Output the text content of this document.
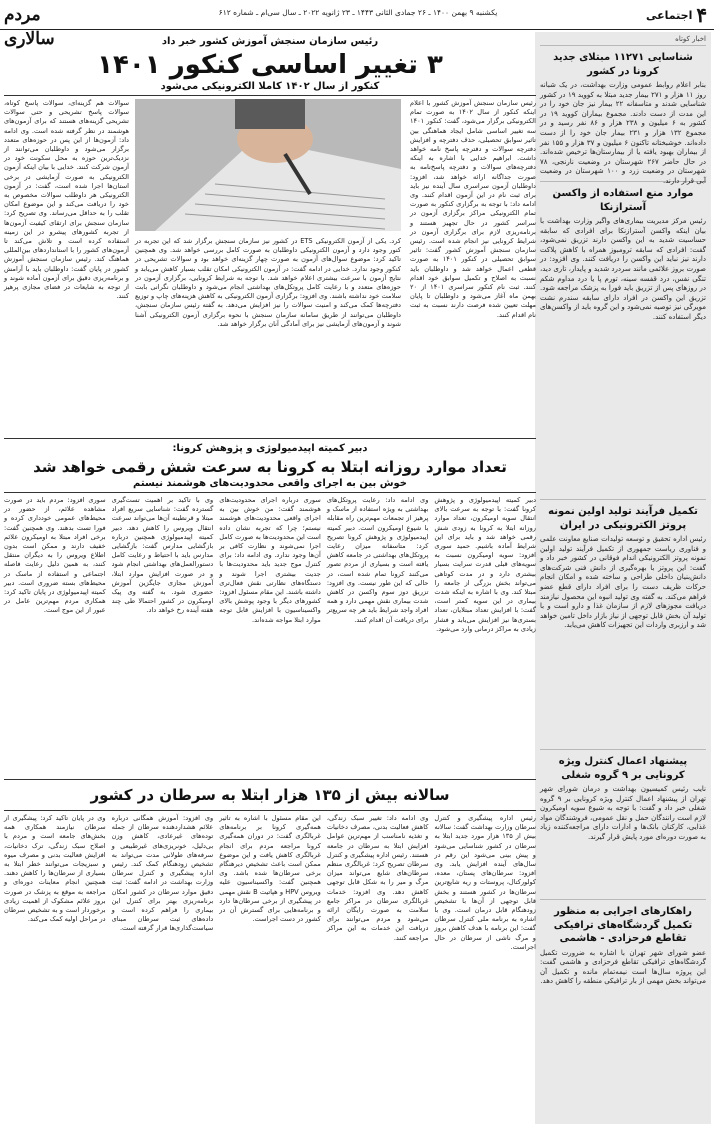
۴
اجتماعی
یکشنبه ۹ بهمن ۱۴۰۰ ـ ۲۶ جمادی الثانی ۱۴۴۳ ـ ۲۳ ژانویه ۲۰۲۲ ـ سال سی‌ام ـ شماره ۶۱۲
مردم سالاری	اخبار کوتاه
شناسایی ۱۱۲۷۱ مبتلای جدید کرونا در کشور
بنابر اعلام روابط عمومی وزارت بهداشت، در یک شبانه روز ۱۱ هزار و ۲۷۱ بیمار جدید مبتلا به کووید ۱۹ در کشور شناسایی شدند و متاسفانه ۲۲ بیمار نیز جان خود را در این مدت از دست دادند. مجموع بیماران کووید ۱۹ در کشور به ۶ میلیون و ۲۳۸ هزار و ۸۶ نفر رسید و در مجموع ۱۳۲ هزار و ۲۳۱ بیمار جان خود را از دست داده‌اند. خوشبختانه تاکنون ۶ میلیون و ۳۷ هزار و ۱۵۵ نفر از بیماران بهبود یافته یا از بیمارستان‌ها ترخیص شده‌اند. در حال حاضر ۲۶۷ شهرستان در وضعیت نارنجی، ۷۸ شهرستان در وضعیت زرد و ۱۰۰ شهرستان در وضعیت آبی قرار دارند.
موارد منع استفاده از واکسن آسترازنکا
رئیس مرکز مدیریت بیماری‌های واگیر وزارت بهداشت با بیان اینکه واکسن آسترازنکا برای افرادی که سابقه حساسیت شدید به این واکسن دارند تزریق نمی‌شود، گفت: افرادی که سابقه ترومبوز همراه با کاهش پلاکت دارند نیز نباید این واکسن را دریافت کنند. وی افزود: در صورت بروز علائمی مانند سردرد شدید و پایدار، تاری دید، تنگی نفس، درد قفسه سینه، تورم پا یا درد مداوم شکم در روزهای پس از تزریق باید فورا به پزشک مراجعه شود. تزریق این واکسن در افراد دارای سابقه سندرم نشت مویرگی نیز توصیه نمی‌شود و این گروه باید از واکسن‌های دیگر استفاده کنند.
تکمیل فرآیند تولید اولین نمونه پروتز الکترونیکی در ایران
رئیس اداره تحقیق و توسعه تولیدات صنایع معاونت علمی و فناوری ریاست جمهوری از تکمیل فرآیند تولید اولین نمونه پروتز الکترونیکی اندام فوقانی در کشور خبر داد و گفت: این پروتز با بهره‌گیری از دانش فنی شرکت‌های دانش‌بنیان داخلی طراحی و ساخته شده و امکان انجام حرکات ظریف دست را برای افراد دارای قطع عضو فراهم می‌کند. به گفته وی تولید انبوه این محصول نیازمند دریافت مجوزهای لازم از سازمان غذا و دارو است و با تولید آن بخش قابل توجهی از نیاز بازار داخل تامین خواهد شد و ارزبری واردات این تجهیزات کاهش می‌یابد.
پیشنهاد اعمال کنترل ویژه کرونایی بر ۹ گروه شغلی
نایب رئیس کمیسیون بهداشت و درمان شورای شهر تهران از پیشنهاد اعمال کنترل ویژه کرونایی بر ۹ گروه شغلی خبر داد و گفت: با توجه به شیوع سویه اومیکرون لازم است رانندگان حمل و نقل عمومی، فروشندگان مواد غذایی، کارکنان بانک‌ها و ادارات دارای مراجعه‌کننده زیاد به صورت دوره‌ای مورد پایش قرار گیرند.
راهکارهای اجرایی به منظور تکمیل گردشگاه‌های ترافیکی تقاطع فرحزادی - هاشمی
عضو شورای شهر تهران با اشاره به ضرورت تکمیل گردشگاه‌های ترافیکی تقاطع فرحزادی و هاشمی گفت: این پروژه سال‌ها است نیمه‌تمام مانده و تکمیل آن می‌تواند بخش مهمی از بار ترافیکی منطقه را کاهش دهد.
رئیس سازمان سنجش آموزش کشور خبر داد
۳ تغییر اساسی کنکور ۱۴۰۱
کنکور از سال ۱۴۰۲ کاملا الکترونیکی می‌شود
رئیس سازمان سنجش آموزش کشور با اعلام اینکه کنکور از سال ۱۴۰۲ به صورت تمام الکترونیکی برگزار می‌شود، گفت: کنکور ۱۴۰۱ سه تغییر اساسی شامل ایجاد هماهنگی بین تاثیر سوابق تحصیلی، حذف دفترچه و افزایش دفترچه سوالات و دفترچه پاسخ نامه خواهد داشت. ابراهیم خدایی با اشاره به اینکه دفترچه‌های سوالات و دفترچه پاسخ‌نامه به صورت جداگانه ارائه خواهد شد، افزود: داوطلبان آزمون سراسری سال آینده نیز باید برای ثبت نام در این آزمون اقدام کنند. وی ادامه داد: با توجه به برگزاری کنکور به صورت تمام الکترونیکی مراکز برگزاری آزمون در سراسر کشور در حال تجهیز هستند و برنامه‌ریزی لازم برای برگزاری آزمون در شرایط کرونایی نیز انجام شده است. رئیس سازمان سنجش آموزش کشور گفت: تاثیر سوابق تحصیلی در کنکور ۱۴۰۱ به صورت قطعی اعمال خواهد شد و داوطلبان باید نسبت به اصلاح و تکمیل سوابق خود اقدام کنند. ثبت نام کنکور سراسری ۱۴۰۱ از ۲۰ بهمن ماه آغاز می‌شود و داوطلبان تا پایان مهلت تعیین شده فرصت دارند نسبت به ثبت نام اقدام کنند.
کرد. یکی از آزمون الکترونیکی ETS در کشور نیز سازمان سنجش برگزار شد که این تجربه در کنور وجود دارد و آزمون الکترونیکی داوطلبان به صورت کامل بررسی خواهد شد. وی همچنین تاکید کرد: موضوع سوال‌های آزمون به صورت چهار گزینه‌ای خواهد بود و سوالات تشریحی در کنکور وجود ندارد. خدایی در ادامه گفت: در آزمون الکترونیکی امکان تقلب بسیار کاهش می‌یابد و نتایج آزمون با سرعت بیشتری اعلام خواهد شد. با توجه به شرایط کرونایی، برگزاری آزمون در حوزه‌های متعدد و با رعایت کامل پروتکل‌های بهداشتی انجام می‌شود و داوطلبان نگرانی بابت سلامت خود نداشته باشند. وی افزود: برگزاری آزمون الکترونیکی به کاهش هزینه‌های چاپ و توزیع دفترچه‌ها کمک می‌کند و امنیت سوالات را نیز افزایش می‌دهد. به گفته رئیس سازمان سنجش، داوطلبان می‌توانند از طریق سامانه سازمان سنجش با نحوه برگزاری آزمون الکترونیکی آشنا شوند و آزمون‌های آزمایشی نیز برای آمادگی آنان برگزار خواهد شد.
سوالات هم گزینه‌ای، سوالات پاسخ کوتاه، سوالات پاسخ تشریحی و حتی سوالات تشریحی گزینه‌های هستند که برای آزمون‌های هوشمند در نظر گرفته شده است. وی ادامه داد: آزمون‌ها از این پس در حوزه‌های متعدد برگزار می‌شود و داوطلبان می‌توانند از نزدیک‌ترین حوزه به محل سکونت خود در آزمون شرکت کنند. خدایی با بیان اینکه آزمون الکترونیکی به صورت آزمایشی در برخی استان‌ها اجرا شده است، گفت: در آزمون الکترونیکی هر داوطلب سوالات مخصوص به خود را دریافت می‌کند و این موضوع امکان تقلب را به حداقل می‌رساند. وی تصریح کرد: سازمان سنجش برای ارتقای کیفیت آزمون‌ها از تجربه کشورهای پیشرو در این زمینه استفاده کرده است و تلاش می‌کند تا آزمون‌های کشور را با استانداردهای بین‌المللی هماهنگ کند. رئیس سازمان سنجش آموزش کشور در پایان گفت: داوطلبان باید با آرامش و برنامه‌ریزی دقیق برای آزمون آماده شوند و از توجه به شایعات در فضای مجازی پرهیز کنند.
دبیر کمیته اپیدمیولوژی و پژوهش کرونا:
تعداد موارد روزانه ابتلا به کرونا به سرعت شش رقمی خواهد شد
خوش بین به اجرای واقعی محدودیت‌های هوشمند نیستم
دبیر کمیته اپیدمیولوژی و پژوهش کرونا گفت: با توجه به سرعت بالای انتقال سویه اومیکرون، تعداد موارد روزانه ابتلا به کرونا به زودی شش رقمی خواهد شد و باید برای این شرایط آماده باشیم. حمید سوری افزود: سویه اومیکرون نسبت به سویه‌های قبلی قدرت سرایت بسیار بیشتری دارد و در مدت کوتاهی می‌تواند بخش بزرگی از جامعه را مبتلا کند. وی با اشاره به اینکه شدت بیماری در این سویه کمتر است، گفت: با افزایش تعداد مبتلایان، تعداد بستری‌ها نیز افزایش می‌یابد و فشار زیادی به مراکز درمانی وارد می‌شود.
وی ادامه داد: رعایت پروتکل‌های بهداشتی به ویژه استفاده از ماسک و پرهیز از تجمعات مهم‌ترین راه مقابله با شیوع اومیکرون است. دبیر کمیته اپیدمیولوژی و پژوهش کرونا تصریح کرد: متاسفانه میزان رعایت پروتکل‌های بهداشتی در جامعه کاهش یافته است و بسیاری از مردم تصور می‌کنند کرونا تمام شده است، در حالی که این طور نیست. وی افزود: تزریق دوز سوم واکسن در کاهش شدت بیماری نقش مهمی دارد و همه افراد واجد شرایط باید هر چه سریع‌تر برای دریافت آن اقدام کنند.
سوری درباره اجرای محدودیت‌های هوشمند گفت: من خوش بین به اجرای واقعی محدودیت‌های هوشمند نیستم؛ چرا که تجربه نشان داده است این محدودیت‌ها به صورت کامل اجرا نمی‌شوند و نظارت کافی بر آن‌ها وجود ندارد. وی ادامه داد: برای کنترل موج جدید باید محدودیت‌ها با جدیت بیشتری اجرا شوند و دستگاه‌های نظارتی نقش فعال‌تری داشته باشند. این مقام مسئول افزود: کشورهای دیگر با وجود پوشش بالای واکسیناسیون با افزایش قابل توجه موارد ابتلا مواجه شده‌اند.
وی با تاکید بر اهمیت تست‌گیری گسترده گفت: شناسایی سریع افراد مبتلا و قرنطینه آن‌ها می‌تواند سرعت انتقال ویروس را کاهش دهد. دبیر کمیته اپیدمیولوژی همچنین درباره بازگشایی مدارس گفت: بازگشایی مدارس باید با احتیاط و رعایت کامل دستورالعمل‌های بهداشتی انجام شود و در صورت افزایش موارد ابتلا، آموزش مجازی جایگزین آموزش حضوری شود. به گفته وی پیک اومیکرون در کشور احتمالا طی چند هفته آینده رخ خواهد داد.
سوری افزود: مردم باید در صورت مشاهده علائم، از حضور در محیط‌های عمومی خودداری کرده و فورا تست بدهند. وی همچنین گفت: برخی افراد مبتلا به اومیکرون علائم خفیف دارند و ممکن است بدون اطلاع ویروس را به دیگران منتقل کنند، به همین دلیل رعایت فاصله اجتماعی و استفاده از ماسک در محیط‌های بسته ضروری است. دبیر کمیته اپیدمیولوژی در پایان تاکید کرد: همکاری مردم مهم‌ترین عامل در عبور از این موج است.
سالانه بیش از ۱۳۵ هزار ابتلا به سرطان در کشور
رئیس اداره پیشگیری و کنترل سرطان وزارت بهداشت گفت: سالانه بیش از ۱۳۵ هزار مورد جدید ابتلا به سرطان در کشور شناسایی می‌شود و پیش بینی می‌شود این رقم در سال‌های آینده افزایش یابد. وی افزود: سرطان‌های پستان، معده، کولورکتال، پروستات و ریه شایع‌ترین سرطان‌ها در کشور هستند و بخش قابل توجهی از آن‌ها با تشخیص زودهنگام قابل درمان است. وی با اشاره به برنامه ملی کنترل سرطان گفت: این برنامه با هدف کاهش بروز و مرگ ناشی از سرطان در حال اجراست.
وی ادامه داد: تغییر سبک زندگی، کاهش فعالیت بدنی، مصرف دخانیات و تغذیه نامناسب از مهم‌ترین عوامل افزایش ابتلا به سرطان در جامعه هستند. رئیس اداره پیشگیری و کنترل سرطان تصریح کرد: غربالگری منظم سرطان‌های شایع می‌تواند میزان مرگ و میر را به شکل قابل توجهی کاهش دهد. وی افزود: خدمات غربالگری سرطان در مراکز جامع سلامت به صورت رایگان ارائه می‌شود و مردم می‌توانند برای دریافت این خدمات به این مراکز مراجعه کنند.
این مقام مسئول با اشاره به تاثیر همه‌گیری کرونا بر برنامه‌های غربالگری گفت: در دوران همه‌گیری کرونا مراجعه مردم برای انجام غربالگری کاهش یافت و این موضوع ممکن است باعث تشخیص دیرهنگام برخی سرطان‌ها شده باشد. وی همچنین گفت: واکسیناسیون علیه ویروس HPV و هپاتیت B نقش مهمی در پیشگیری از برخی سرطان‌ها دارد و برنامه‌هایی برای گسترش آن در کشور در دست اجراست.
وی افزود: آموزش همگانی درباره علائم هشداردهنده سرطان از جمله توده‌های غیرعادی، کاهش وزن بی‌دلیل، خونریزی‌های غیرطبیعی و سرفه‌های طولانی مدت می‌تواند به تشخیص زودهنگام کمک کند. رئیس اداره پیشگیری و کنترل سرطان وزارت بهداشت در ادامه گفت: ثبت دقیق موارد سرطان در کشور امکان برنامه‌ریزی بهتر برای کنترل این بیماری را فراهم کرده است و داده‌های ثبت سرطان مبنای سیاست‌گذاری‌ها قرار گرفته است.
وی در پایان تاکید کرد: پیشگیری از سرطان نیازمند همکاری همه بخش‌های جامعه است و مردم با اصلاح سبک زندگی، ترک دخانیات، افزایش فعالیت بدنی و مصرف میوه و سبزیجات می‌توانند خطر ابتلا به بسیاری از سرطان‌ها را کاهش دهند. همچنین انجام معاینات دوره‌ای و مراجعه به موقع به پزشک در صورت بروز علائم مشکوک از اهمیت زیادی برخوردار است و به تشخیص سرطان در مراحل اولیه کمک می‌کند.
